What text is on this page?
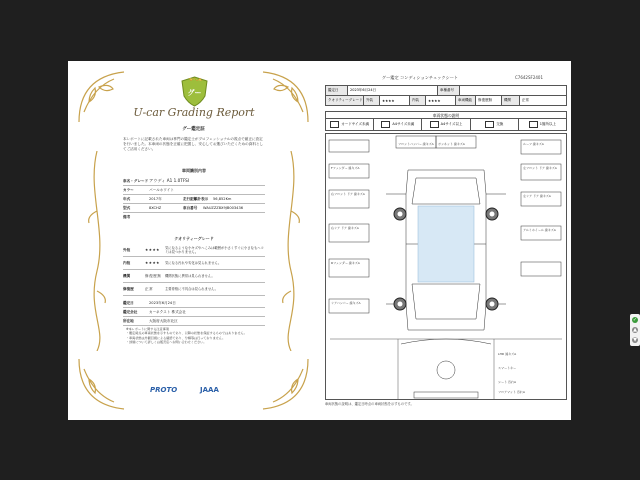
グー
U-car Grading Report
グー鑑定証
本レポートに記載された車両は専門の鑑定士がプロフェッショナルの視点で厳正に査定を行いました。本車両の状態を正確に把握し、安心してお選びいただくための資料としてご活用ください。
車両識別内容
車名・グレード アウディ A1 1.0TFSI
カラー	パールホワイト
年式	2017年	走行距離計表示	56,852Km
型式	8XCHZ	車台番号	WAUZZZ8X9JB003436
備考
クオリティーグレード
外装	★★★★	気になるような小キズやへこみは範囲が小さくすぐに小さなもヘコミは見つかりません。
内装	★★★★	気になる汚れや劣化は見られません。
機関	修復歴無	機関状態に異常は見られません。
修復歴	正常	主要骨格に不具合は見られません。
鑑定日	2023年6月24日
鑑定会社	カーネクスト 株式会社
所在地	大阪府大阪市北区
※本レポートに関する注意事項
・鑑定時点の車両状態を示すものであり、以降の状態を保証するものではありません。
・車両状態は外観目視による確認であり、分解等は行っておりません。
・評価について詳しくは販売店へお問い合わせください。
PROTO	JAAA
グー鑑定 コンディションチェックシート	C7642SF2401
鑑定日	2023年6月24日	車種番号
クオリティーグレード 外装	★★★★	内装	★★★★	車両機能	修復歴無	機関	正常
車両状態の説明
カードサイズ未満	A4サイズ未満	A4サイズ以上	交換	1箇所以上
フロントバンパー 線キズA ボンネット 線キズA
Fフェンダー 線キズA
右フロント ドア 線キズA
右リア ドア 線キズA
左フロント ドア 線キズA
左リア ドア 線キズA
Rフェンダー 線キズA
リアバンパー 線キズA
ルーフ 線キズA
アルミホイール 線キズA
LHD 線キズA
スマートキー
シート 汚れA
フロアマット 汚れA
車両状態の説明は、鑑定日時点の車両状態を示すものです。
✓
▲
▼
